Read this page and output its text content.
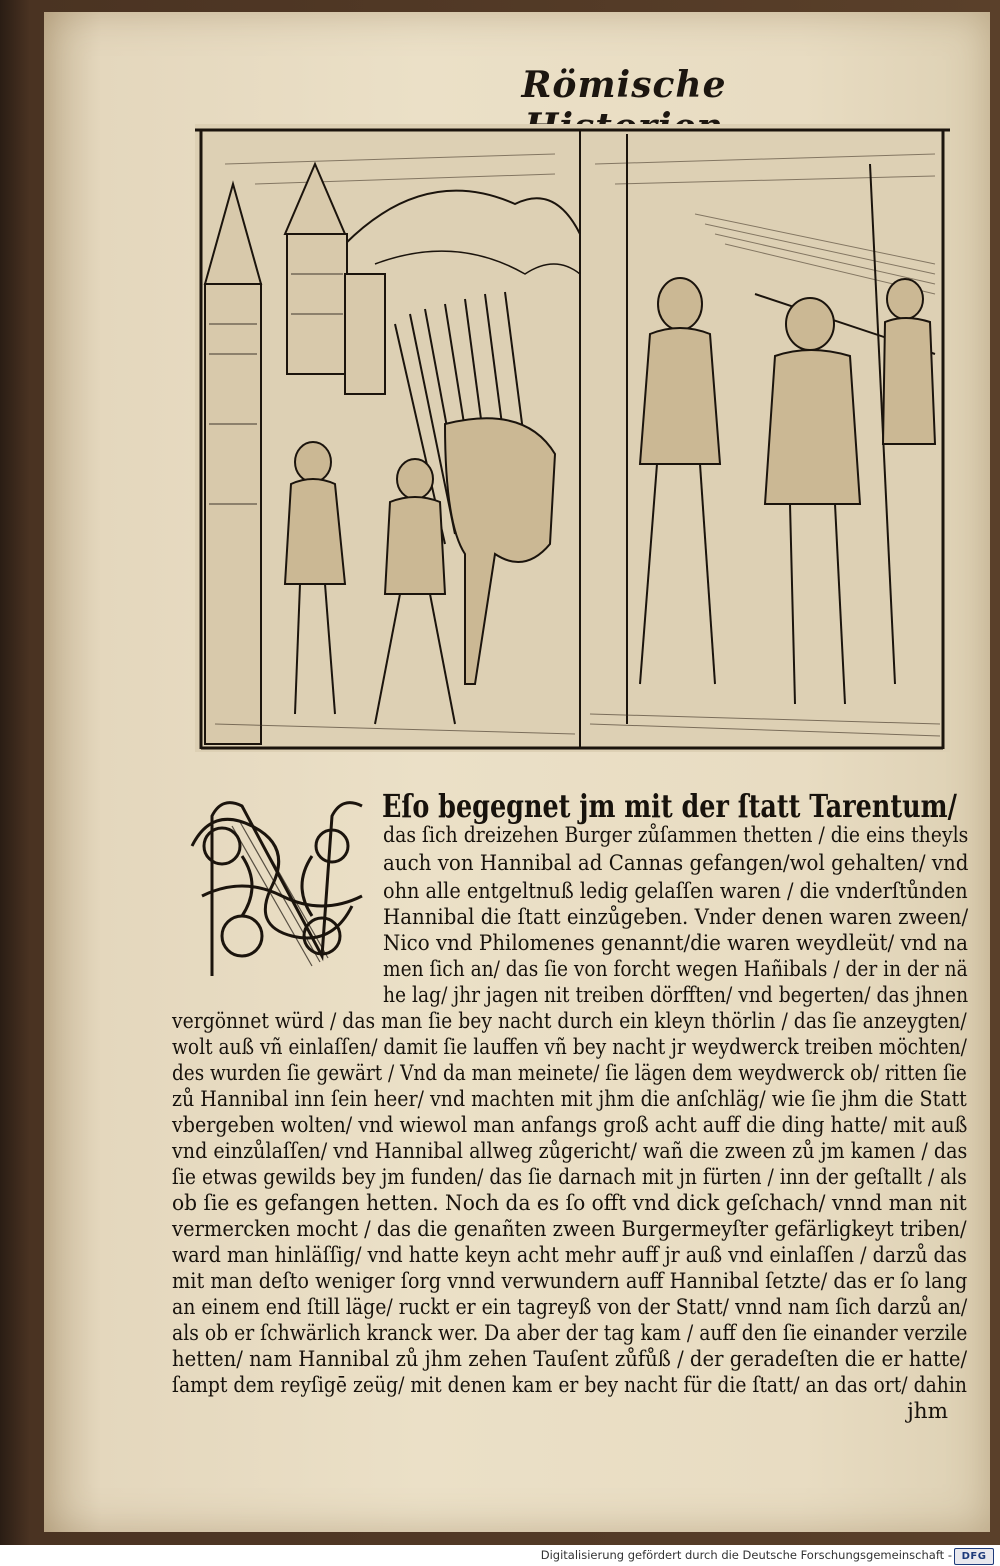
Römische
Eſo begegnet jm mit der ſtatt Tarentum/
das ſich dreizehen Burger zůſammen thetten / die eins theyls
auch von Hannibal ad Cannas gefangen/wol gehalten/ vnd
ohn alle entgeltnuß ledig gelaſſen waren / die vnderſtůnden
Hannibal die ſtatt einzůgeben. Vnder denen waren zween/
Nico vnd Philomenes genannt/die waren weydleüt/ vnd na
men ſich an/ das ſie von forcht wegen Hañibals / der in der nä
he lag/ jhr jagen nit treiben dörfften/ vnd begerten/ das jhnen
vergönnet würd / das man ſie bey nacht durch ein kleyn thörlin / das ſie anzeygten/
wolt auß vñ einlaſſen/ damit ſie lauffen vñ bey nacht jr weydwerck treiben möchten/
des wurden ſie gewärt / Vnd da man meinete/ ſie lägen dem weydwerck ob/ ritten ſie
zů Hannibal inn ſein heer/ vnd machten mit jhm die anſchläg/ wie ſie jhm die Statt
vbergeben wolten/ vnd wiewol man anfangs groß acht auff die ding hatte/ mit auß
vnd einzůlaſſen/ vnd Hannibal allweg zůgericht/ wañ die zween zů jm kamen / das
ſie etwas gewilds bey jm funden/ das ſie darnach mit jn fürten / inn der geſtallt / als
ob ſie es gefangen hetten. Noch da es ſo offt vnd dick geſchach/ vnnd man nit
vermercken mocht / das die genañten zween Burgermeyſter gefärligkeyt triben/
ward man hinläſſig/ vnd hatte keyn acht mehr auff jr auß vnd einlaſſen / darzů das
mit man deſto weniger ſorg vnnd verwundern auff Hannibal ſetzte/ das er ſo lang
an einem end ſtill läge/ ruckt er ein tagreyß von der Statt/ vnnd nam ſich darzů an/
als ob er ſchwärlich kranck wer. Da aber der tag kam / auff den ſie einander verzile
hetten/ nam Hannibal zů jhm zehen Tauſent zůfůß / der geradeſten die er hatte/
ſampt dem reyſigē zeüg/ mit denen kam er bey nacht für die ſtatt/ an das ort/ dahin
jhm
Digitalisierung gefördert durch die Deutsche Forschungsgemeinschaft - DFG
